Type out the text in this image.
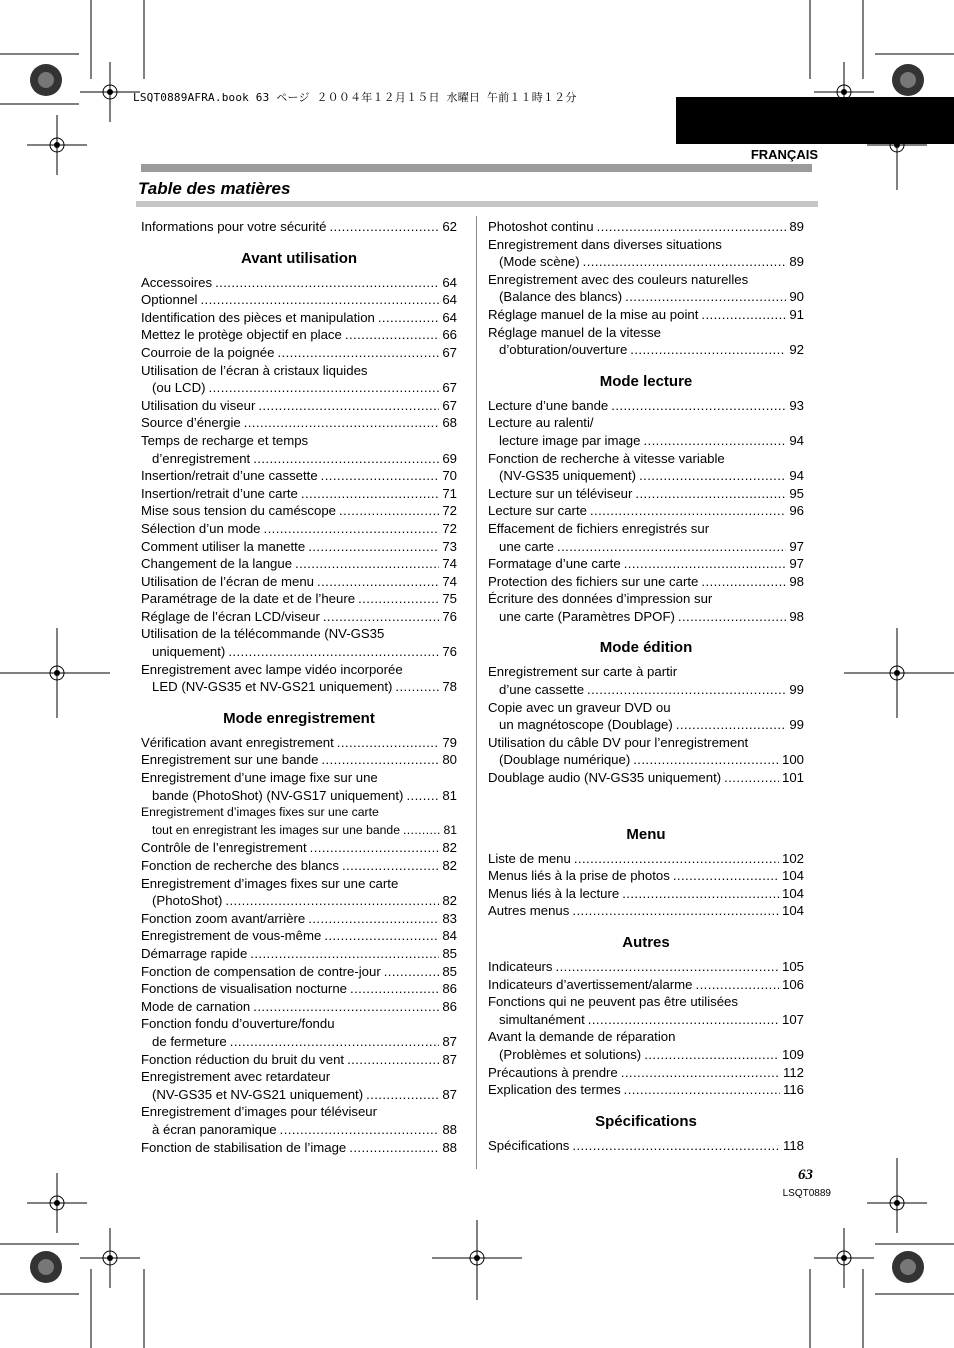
LSQT0889AFRA.book 63 ページ ２００４年１２月１５日 水曜日 午前１１時１２分
FRANÇAIS
Table des matières
Informations pour votre sécurité .....	62
Avant utilisation
Accessoires .....	64
Optionnel .....	64
Identification des pièces et manipulation .....	64
Mettez le protège objectif en place .....	66
Courroie de la poignée .....	67
Utilisation de l’écran à cristaux liquides
(ou LCD) .....	67
Utilisation du viseur .....	67
Source d’énergie .....	68
Temps de recharge et temps
d’enregistrement .....	69
Insertion/retrait d’une cassette .....	70
Insertion/retrait d’une carte .....	71
Mise sous tension du caméscope .....	72
Sélection d’un mode .....	72
Comment utiliser la manette .....	73
Changement de la langue .....	74
Utilisation de l’écran de menu .....	74
Paramétrage de la date et de l’heure .....	75
Réglage de l’écran LCD/viseur .....	76
Utilisation de la télécommande (NV-GS35
uniquement) .....	76
Enregistrement avec lampe vidéo incorporée
LED (NV-GS35 et NV-GS21 uniquement) .....	78
Mode enregistrement
Vérification avant enregistrement .....	79
Enregistrement sur une bande .....	80
Enregistrement d’une image fixe sur une
bande (PhotoShot) (NV-GS17 uniquement) .....	81
Enregistrement d’images fixes sur une carte
tout en enregistrant les images sur une bande .....	81
Contrôle de l’enregistrement .....	82
Fonction de recherche des blancs .....	82
Enregistrement d’images fixes sur une carte
(PhotoShot) .....	82
Fonction zoom avant/arrière .....	83
Enregistrement de vous-même .....	84
Démarrage rapide .....	85
Fonction de compensation de contre-jour .....	85
Fonctions de visualisation nocturne .....	86
Mode de carnation .....	86
Fonction fondu d’ouverture/fondu
de fermeture .....	87
Fonction réduction du bruit du vent .....	87
Enregistrement avec retardateur
(NV-GS35 et NV-GS21 uniquement) .....	87
Enregistrement d’images pour téléviseur
à écran panoramique .....	88
Fonction de stabilisation de l’image .....	88
Photoshot continu .....	89
Enregistrement dans diverses situations
(Mode scène) .....	89
Enregistrement avec des couleurs naturelles
(Balance des blancs) .....	90
Réglage manuel de la mise au point .....	91
Réglage manuel de la vitesse
d’obturation/ouverture .....	92
Mode lecture
Lecture d’une bande .....	93
Lecture au ralenti/
lecture image par image .....	94
Fonction de recherche à vitesse variable
(NV-GS35 uniquement) .....	94
Lecture sur un téléviseur .....	95
Lecture sur carte .....	96
Effacement de fichiers enregistrés sur
une carte .....	97
Formatage d’une carte .....	97
Protection des fichiers sur une carte .....	98
Écriture des données d’impression sur
une carte (Paramètres DPOF) .....	98
Mode édition
Enregistrement sur carte à partir
d’une cassette .....	99
Copie avec un graveur DVD ou
un magnétoscope (Doublage) .....	99
Utilisation du câble DV pour l’enregistrement
(Doublage numérique) .....	100
Doublage audio (NV-GS35 uniquement) .....	101
Menu
Liste de menu .....	102
Menus liés à la prise de photos .....	104
Menus liés à la lecture .....	104
Autres menus .....	104
Autres
Indicateurs .....	105
Indicateurs d’avertissement/alarme .....	106
Fonctions qui ne peuvent pas être utilisées
simultanément .....	107
Avant la demande de réparation
(Problèmes et solutions) .....	109
Précautions à prendre .....	112
Explication des termes .....	116
Spécifications
Spécifications .....	118
63
LSQT0889
